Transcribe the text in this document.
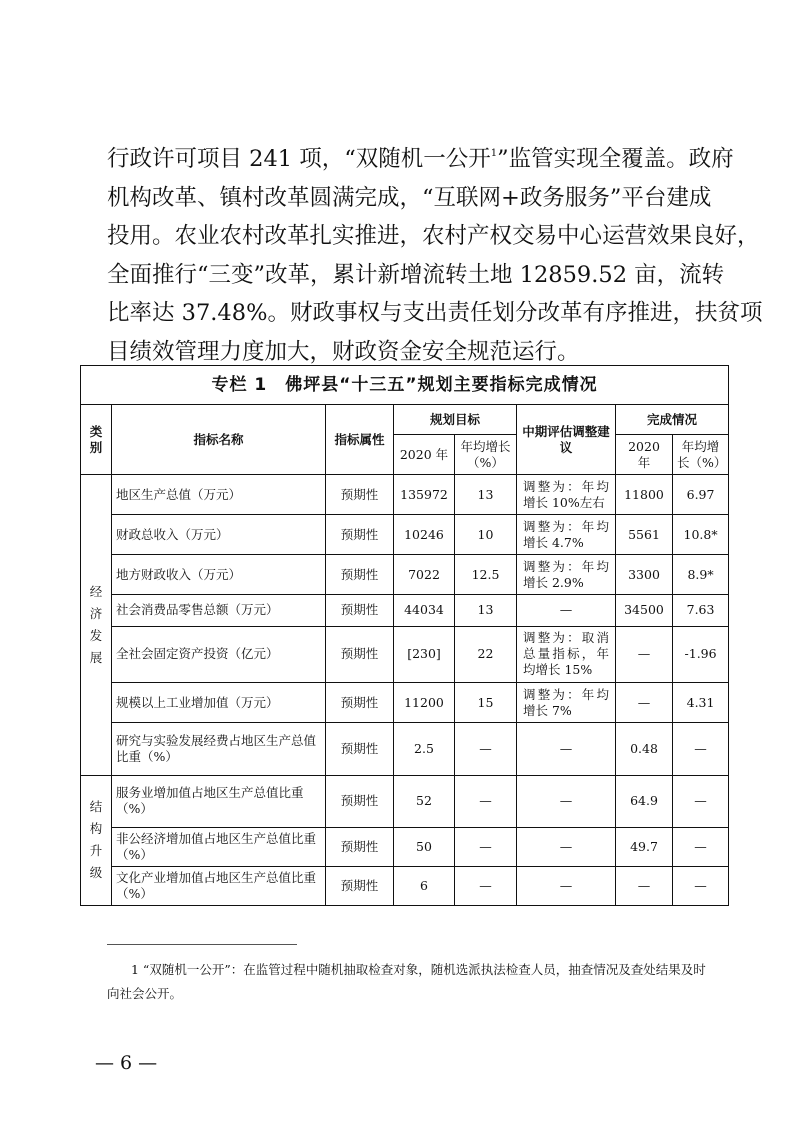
行政许可项目 241 项，“双随机一公开$^1$”监管实现全覆盖。政府
机构改革、镇村改革圆满完成，“互联网+政务服务”平台建成
投用。农业农村改革扎实推进，农村产权交易中心运营效果良好，
全面推行“三变”改革，累计新增流转土地 12859.52 亩，流转
比率达 37.48%。财政事权与支出责任划分改革有序推进，扶贫项
目绩效管理力度加大，财政资金安全规范运行。
专栏 1　佛坪县“十三五”规划主要指标完成情况							
类别	指标名称	指标属性	规划目标		中期评估调整建议	完成情况	
			2020 年	年均增长（%）		2020 年	年均增长（%）
经济发展	地区生产总值（万元）	预期性	135972	13	调整为：年均增长 10%左右	11800	6.97
	财政总收入（万元）	预期性	10246	10	调整为：年均增长 4.7%	5561	10.8*
	地方财政收入（万元）	预期性	7022	12.5	调整为：年均增长 2.9%	3300	8.9*
	社会消费品零售总额（万元）	预期性	44034	13	—	34500	7.63
	全社会固定资产投资（亿元）	预期性	[230]	22	调整为：取消总量指标，年均增长 15%	—	-1.96
	规模以上工业增加值（万元）	预期性	11200	15	调整为：年均增长 7%	—	4.31
	研究与实验发展经费占地区生产总值比重（%）	预期性	2.5	—	—	0.48	—
结构升级	服务业增加值占地区生产总值比重（%）	预期性	52	—	—	64.9	—
	非公经济增加值占地区生产总值比重（%）	预期性	50	—	—	49.7	—
	文化产业增加值占地区生产总值比重（%）	预期性	6	—	—	—	—
1 “双随机一公开”：在监管过程中随机抽取检查对象，随机选派执法检查人员，抽查情况及查处结果及时向社会公开。
— 6 —
